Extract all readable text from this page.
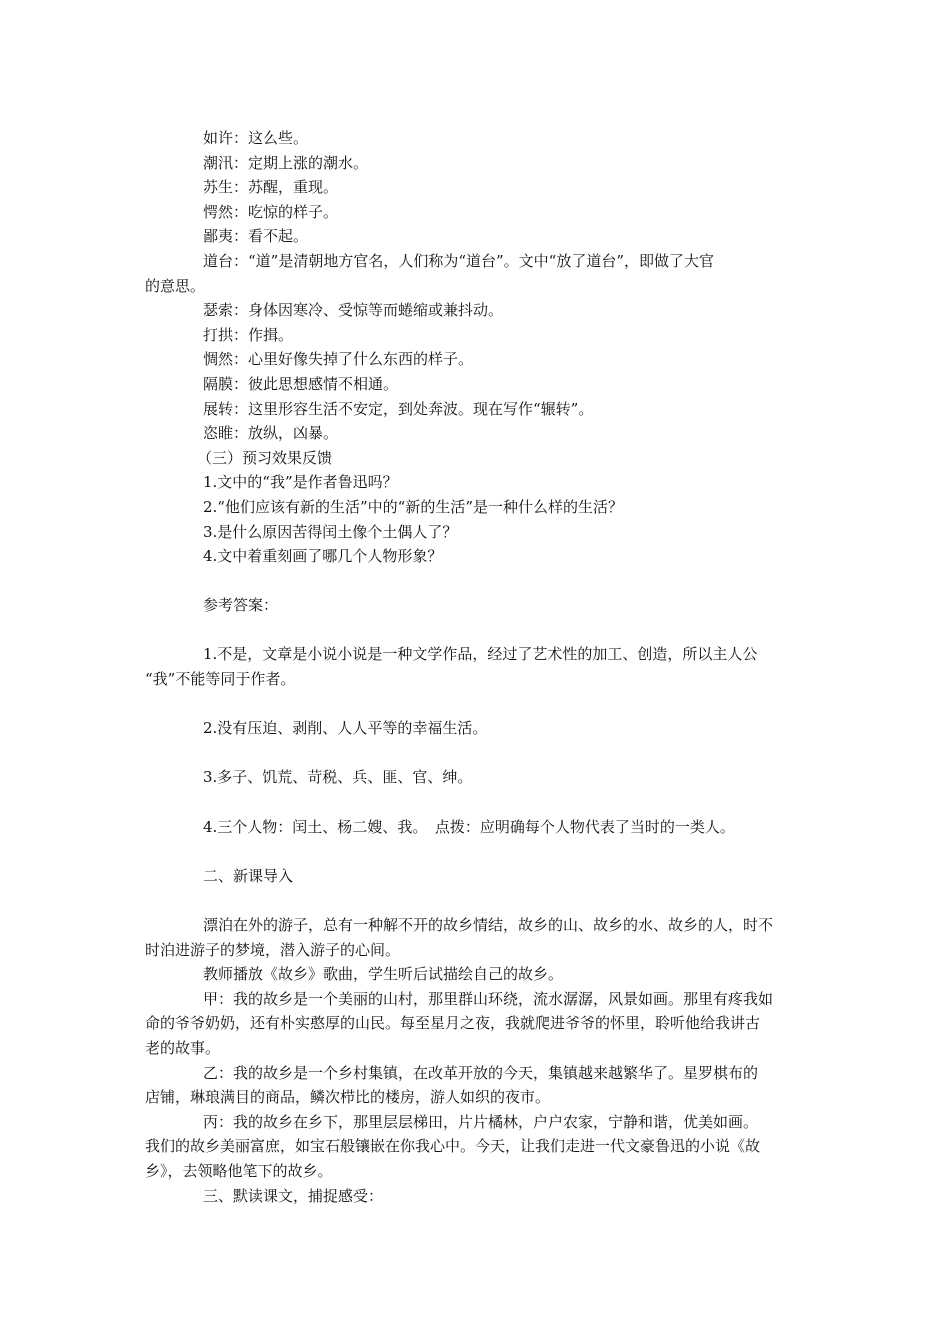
如许：这么些。
潮汛：定期上涨的潮水。
苏生：苏醒，重现。
愕然：吃惊的样子。
鄙夷：看不起。
道台：“道”是清朝地方官名，人们称为“道台”。文中“放了道台”，即做了大官
的意思。
瑟索：身体因寒冷、受惊等而蜷缩或兼抖动。
打拱：作揖。
惆然：心里好像失掉了什么东西的样子。
隔膜：彼此思想感情不相通。
展转：这里形容生活不安定，到处奔波。现在写作“辗转”。
恣睢：放纵，凶暴。
（三）预习效果反馈
1.文中的“我”是作者鲁迅吗？
2.“他们应该有新的生活”中的“新的生活”是一种什么样的生活？
3.是什么原因苦得闰土像个土偶人了？
4.文中着重刻画了哪几个人物形象？
参考答案：
1.不是，文章是小说小说是一种文学作品，经过了艺术性的加工、创造，所以主人公
“我”不能等同于作者。
2.没有压迫、剥削、人人平等的幸福生活。
3.多子、饥荒、苛税、兵、匪、官、绅。
4.三个人物：闰土、杨二嫂、我。　点拨：应明确每个人物代表了当时的一类人。
二、新课导入
漂泊在外的游子，总有一种解不开的故乡情结，故乡的山、故乡的水、故乡的人，时不
时泊进游子的梦境，潜入游子的心间。
教师播放《故乡》歌曲，学生听后试描绘自己的故乡。
甲：我的故乡是一个美丽的山村，那里群山环绕，流水潺潺，风景如画。那里有疼我如
命的爷爷奶奶，还有朴实憨厚的山民。每至星月之夜，我就爬进爷爷的怀里，聆听他给我讲古
老的故事。
乙：我的故乡是一个乡村集镇，在改革开放的今天，集镇越来越繁华了。星罗棋布的
店铺，琳琅满目的商品，鳞次栉比的楼房，游人如织的夜市。
丙：我的故乡在乡下，那里层层梯田，片片橘林，户户农家，宁静和谐，优美如画。
我们的故乡美丽富庶，如宝石般镶嵌在你我心中。今天，让我们走进一代文豪鲁迅的小说《故
乡》，去领略他笔下的故乡。
三、默读课文，捕捉感受：
